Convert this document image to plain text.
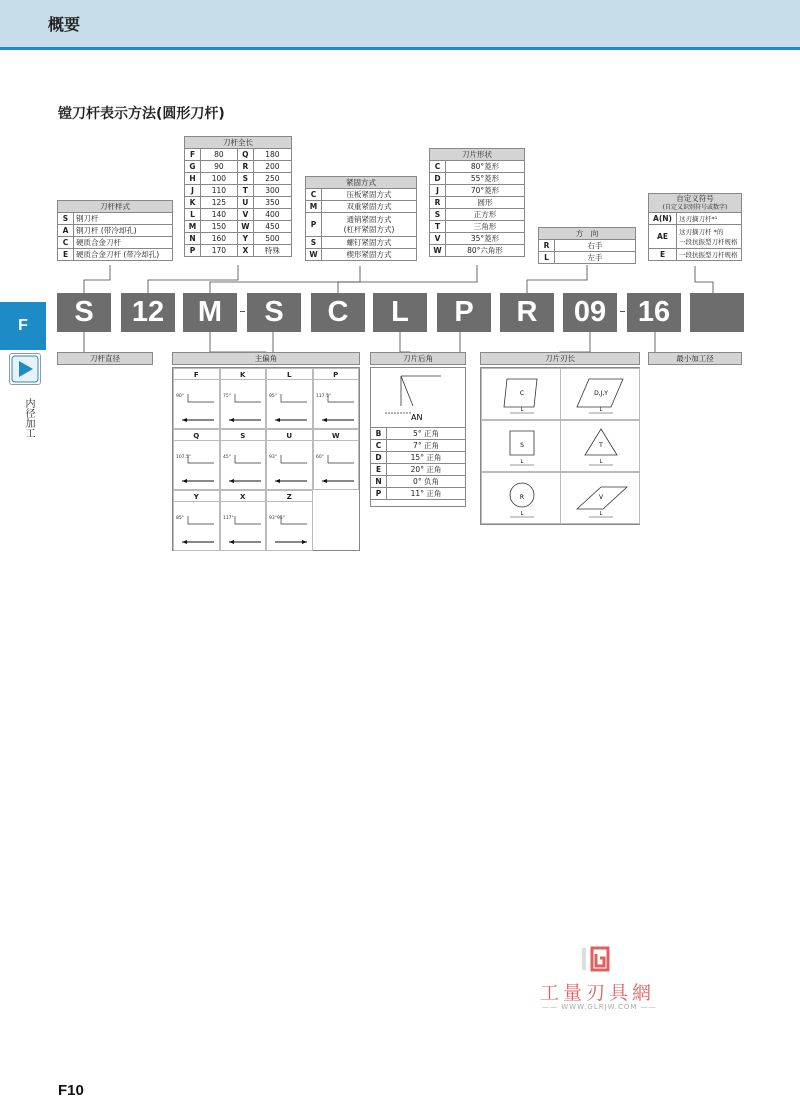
概要
F
内径加工
镗刀杆表示方法(圆形刀杆)
刀杆样式	
S	钢刀杆
A	钢刀杆 (带冷却孔)
C	硬质合金刀杆
E	硬质合金刀杆 (带冷却孔)
刀杆全长			
F	80	Q	180
G	90	R	200
H	100	S	250
J	110	T	300
K	125	U	350
L	140	V	400
M	150	W	450
N	160	Y	500
P	170	X	特殊
紧固方式	
C	压板紧固方式
M	双重紧固方式
P	通销紧固方式
(杠杆紧固方式)
S	螺钉紧固方式
W	楔形紧固方式
刀片形状	
C	80°菱形
D	55°菱形
J	70°菱形
R	圆形
S	正方形
T	三角形
V	35°菱形
W	80°六角形
方　向	
R	右手
L	左手
自定义符号
(自定义识别符号或数字)	

A(N)	这刃摘刀杆*¹
AE	这刃摘刀杆 *的
一段抗振型刀杆规格
E	一段抗振型刀杆规格
S	12	M	S	C	L	P	R	09	16
刀杆直径	主偏角	刀片后角	刀片刃长	最小加工径
F
90°
K
75°
L
95°
P
117.5°
Q
107.5°
S
45°
U
93°
W
60°
Y
85°
X
117°
Z
93°95°
AN
B	5° 正角
C	7° 正角
D	15° 正角
E	20° 正角
N	0° 负角
P	11° 正角
C
L
D,J,Y
L
S
L
T
L
R
L
V
L
工量刃具網
—— WWW.GLRJW.COM ——
F10
